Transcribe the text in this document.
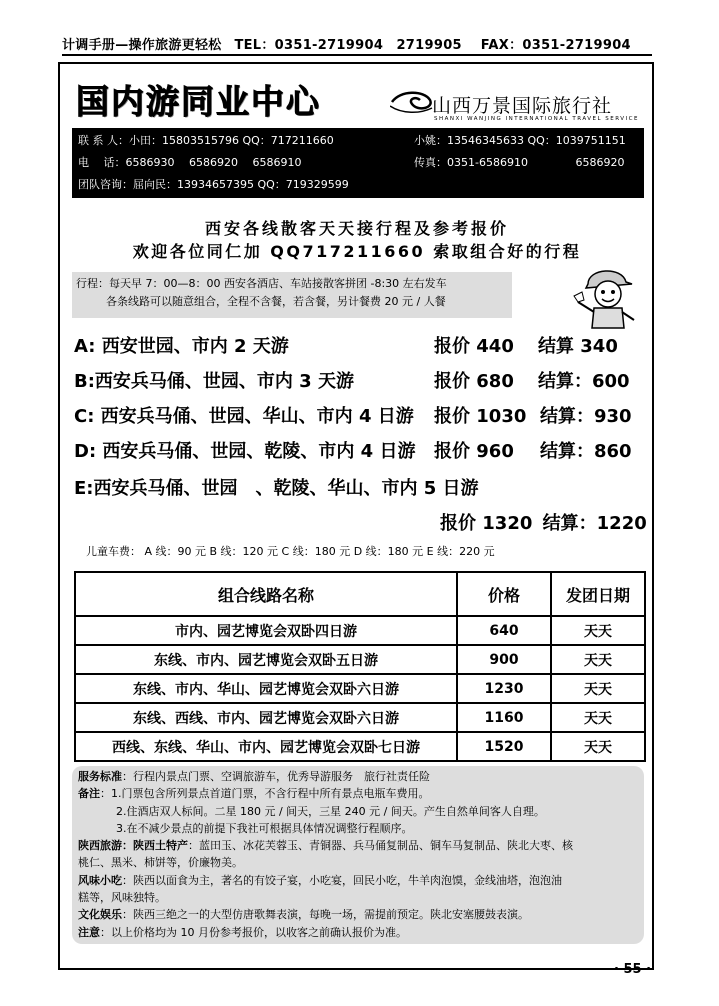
计调手册—操作旅游更轻松 TEL：0351-2719904　2719905 FAX：0351-2719904
国内游同业中心	山西万景国际旅行社
SHANXI WANJING INTERNATIONAL TRAVEL SERVICE
联 系 人：小田：15803515796 QQ：717211660	小姚：13546345633 QQ：1039751151
电　 话：6586930　 6586920　 6586910	传真：0351-6586910　　　　 6586920
团队咨询：屈向民：13934657395 QQ：719329599
西安各线散客天天接行程及参考报价
欢迎各位同仁加 QQ717211660 索取组合好的行程
行程：每天早 7：00—8：00 西安各酒店、车站接散客拼团 -8:30 左右发车
各条线路可以随意组合，全程不含餐，若含餐，另计餐费 20 元 / 人餐
A: 西安世园、市内 2 天游	报价 440 结算 340
B:西安兵马俑、世园、市内 3 天游	报价 680 结算：600
C: 西安兵马俑、世园、华山、市内 4 日游 报价 1030 结算：930
D: 西安兵马俑、世园、乾陵、市内 4 日游 报价 960 结算：860
E:西安兵马俑、世园　、乾陵、华山、市内 5 日游
报价 1320 结算：1220
儿童车费： A 线：90 元 B 线：120 元 C 线：180 元 D 线：180 元 E 线：220 元
组合线路名称	价格	发团日期
市内、园艺博览会双卧四日游	640	天天
东线、市内、园艺博览会双卧五日游	900	天天
东线、市内、华山、园艺博览会双卧六日游	1230	天天
东线、西线、市内、园艺博览会双卧六日游	1160	天天
西线、东线、华山、市内、园艺博览会双卧七日游	1520	天天
服务标准：行程内景点门票、空调旅游车，优秀导游服务　旅行社责任险
备注：1.门票包含所列景点首道门票，不含行程中所有景点电瓶车费用。
2.住酒店双人标间。二星 180 元 / 间天，三星 240 元 / 间天。产生自然单间客人自理。
3.在不减少景点的前提下我社可根据具体情况调整行程顺序。
陕西旅游：陕西土特产：蓝田玉、冰花芙蓉玉、青铜器、兵马俑复制品、铜车马复制品、陕北大枣、核
桃仁、黑米、柿饼等，价廉物美。
风味小吃：陕西以面食为主，著名的有饺子宴，小吃宴，回民小吃，牛羊肉泡馍，金线油塔，泡泡油
糕等，风味独特。
文化娱乐：陕西三绝之一的大型仿唐歌舞表演，每晚一场，需提前预定。陕北安塞腰鼓表演。
注意：以上价格均为 10 月份参考报价，以收客之前确认报价为准。
· 55 ·
